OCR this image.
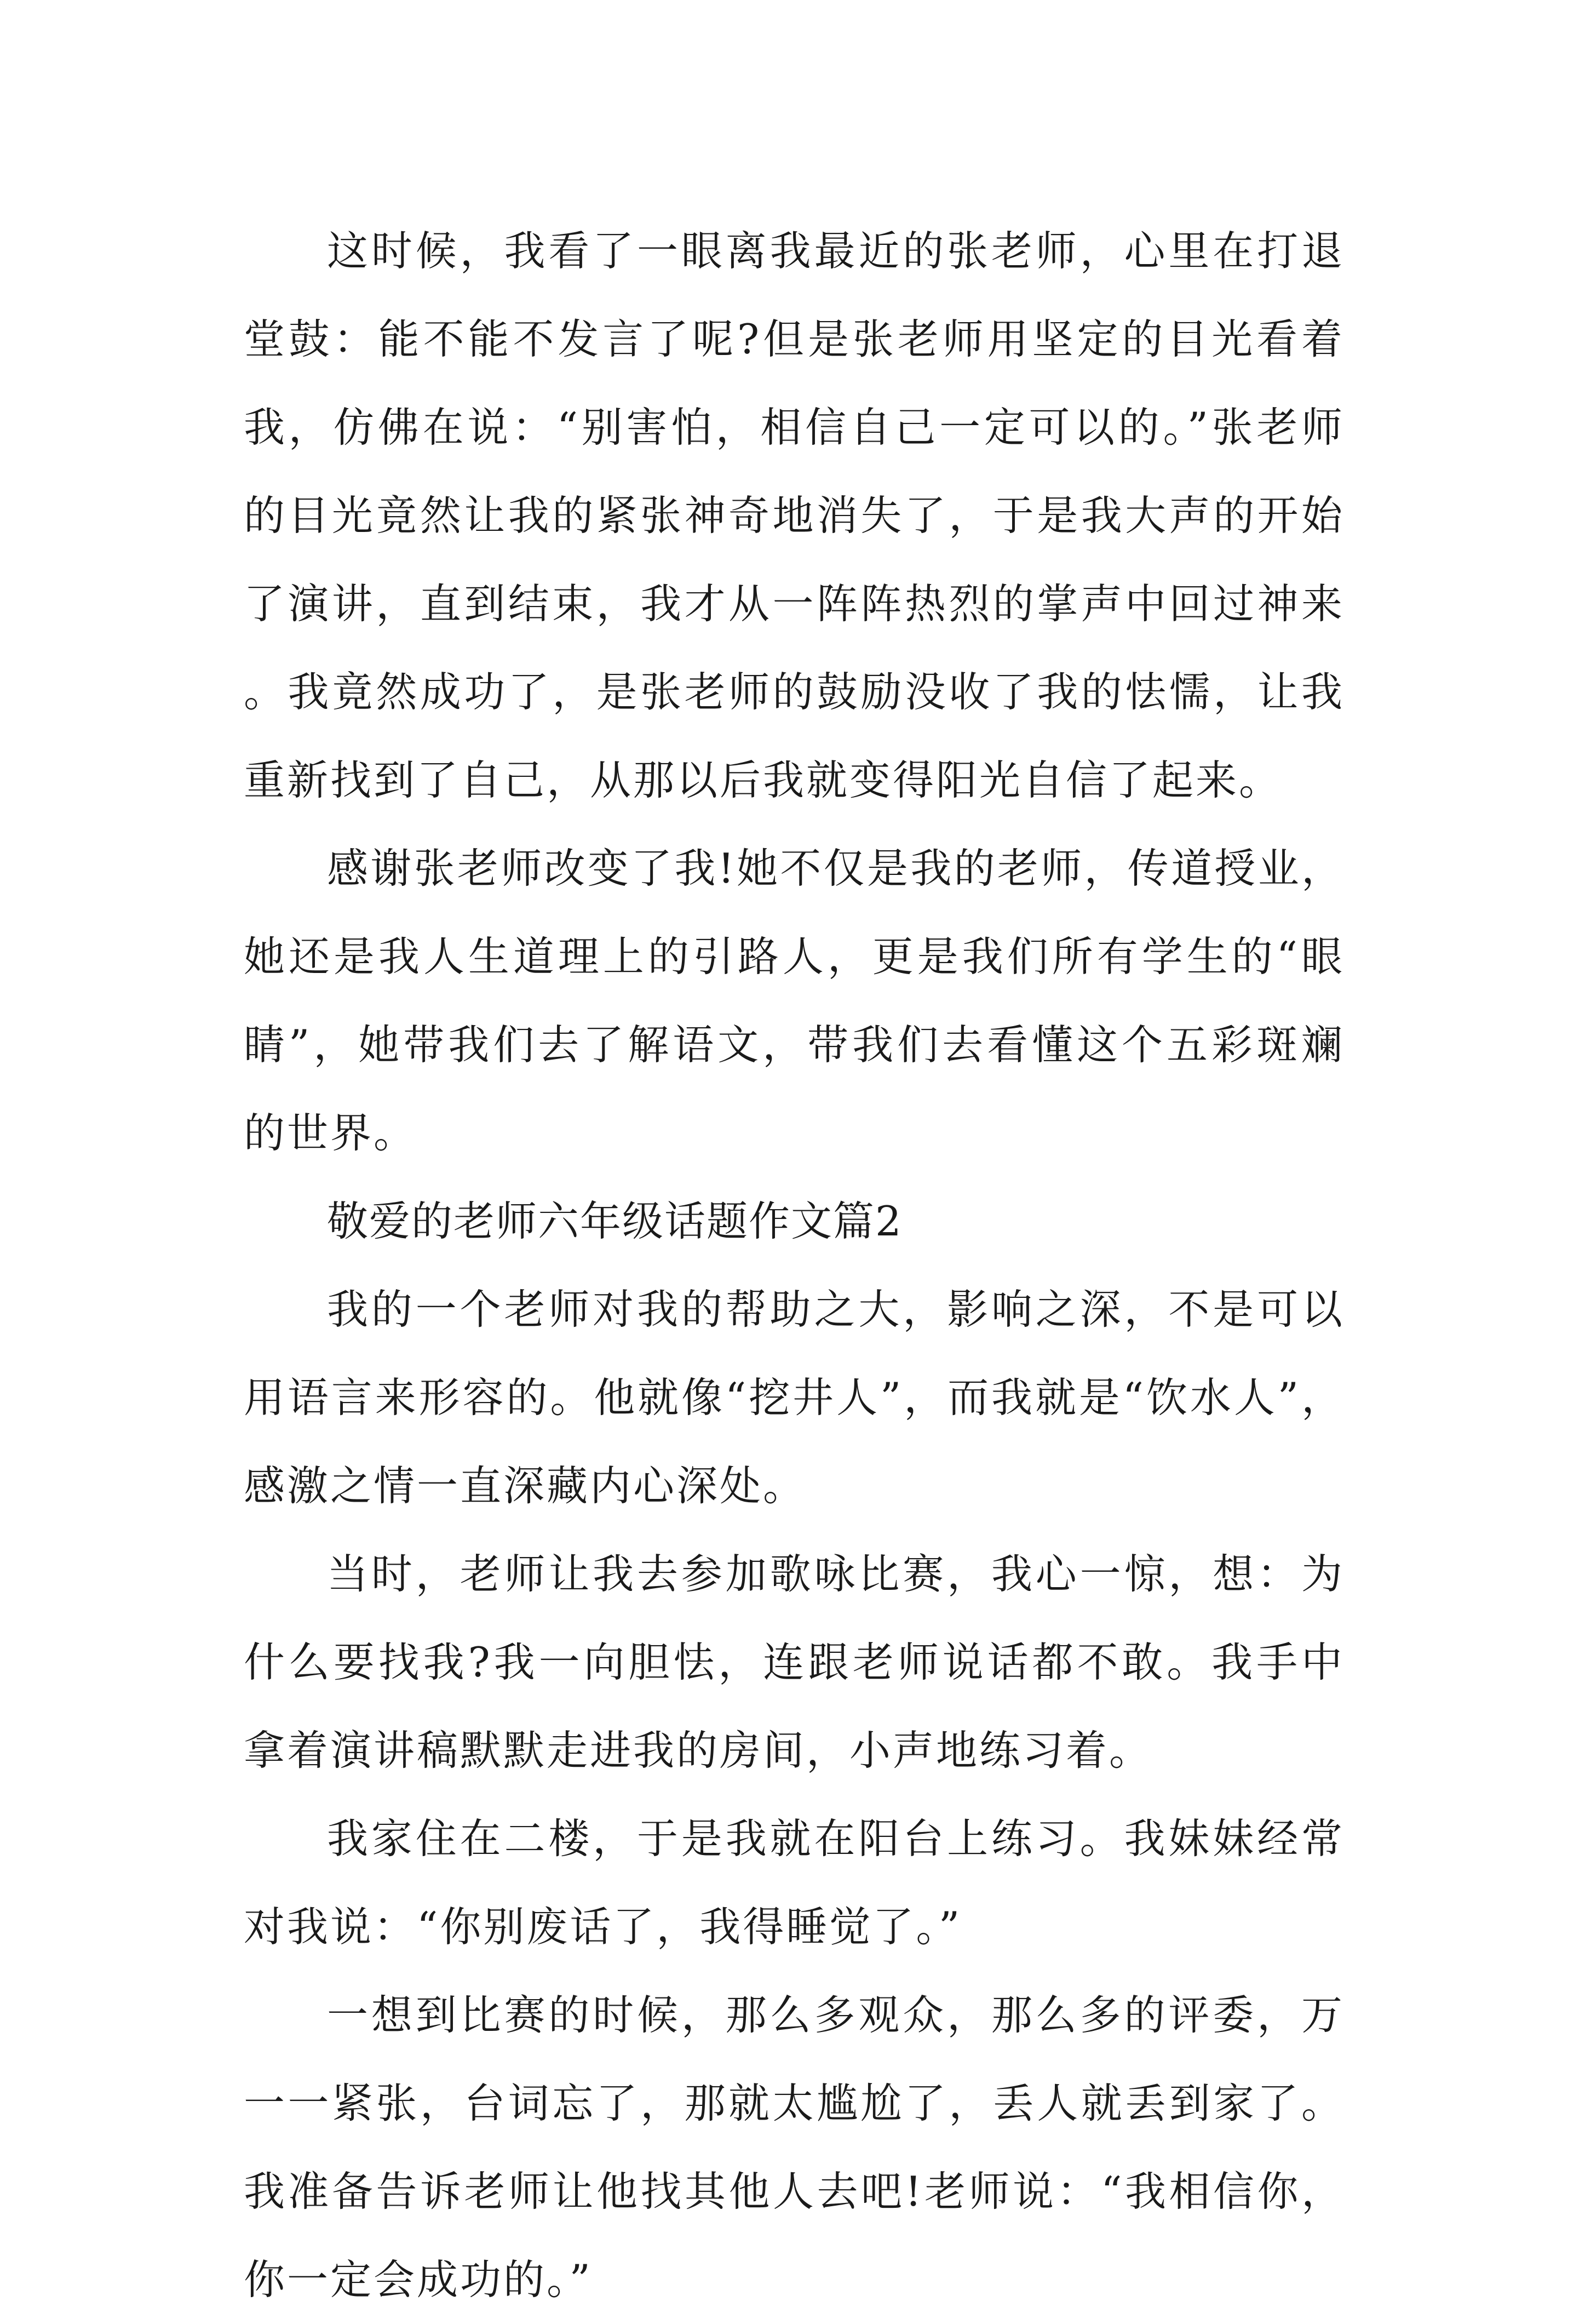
这时候，我看了一眼离我最近的张老师，心里在打退堂鼓：能不能不发言了呢?但是张老师用坚定的目光看着我，仿佛在说：“别害怕，相信自己一定可以的。”张老师的目光竟然让我的紧张神奇地消失了，于是我大声的开始了演讲，直到结束，我才从一阵阵热烈的掌声中回过神来。我竟然成功了，是张老师的鼓励没收了我的怯懦，让我重新找到了自己，从那以后我就变得阳光自信了起来。

感谢张老师改变了我!她不仅是我的老师，传道授业，她还是我人生道理上的引路人，更是我们所有学生的“眼睛”，她带我们去了解语文，带我们去看懂这个五彩斑斓的世界。

敬爱的老师六年级话题作文篇2

我的一个老师对我的帮助之大，影响之深，不是可以用语言来形容的。他就像“挖井人”，而我就是“饮水人”，感激之情一直深藏内心深处。

当时，老师让我去参加歌咏比赛，我心一惊，想：为什么要找我?我一向胆怯，连跟老师说话都不敢。我手中拿着演讲稿默默走进我的房间，小声地练习着。

我家住在二楼，于是我就在阳台上练习。我妹妹经常对我说：“你别废话了，我得睡觉了。”

一想到比赛的时候，那么多观众，那么多的评委，万一一紧张，台词忘了，那就太尴尬了，丢人就丢到家了。我准备告诉老师让他找其他人去吧!老师说：“我相信你，你一定会成功的。”
